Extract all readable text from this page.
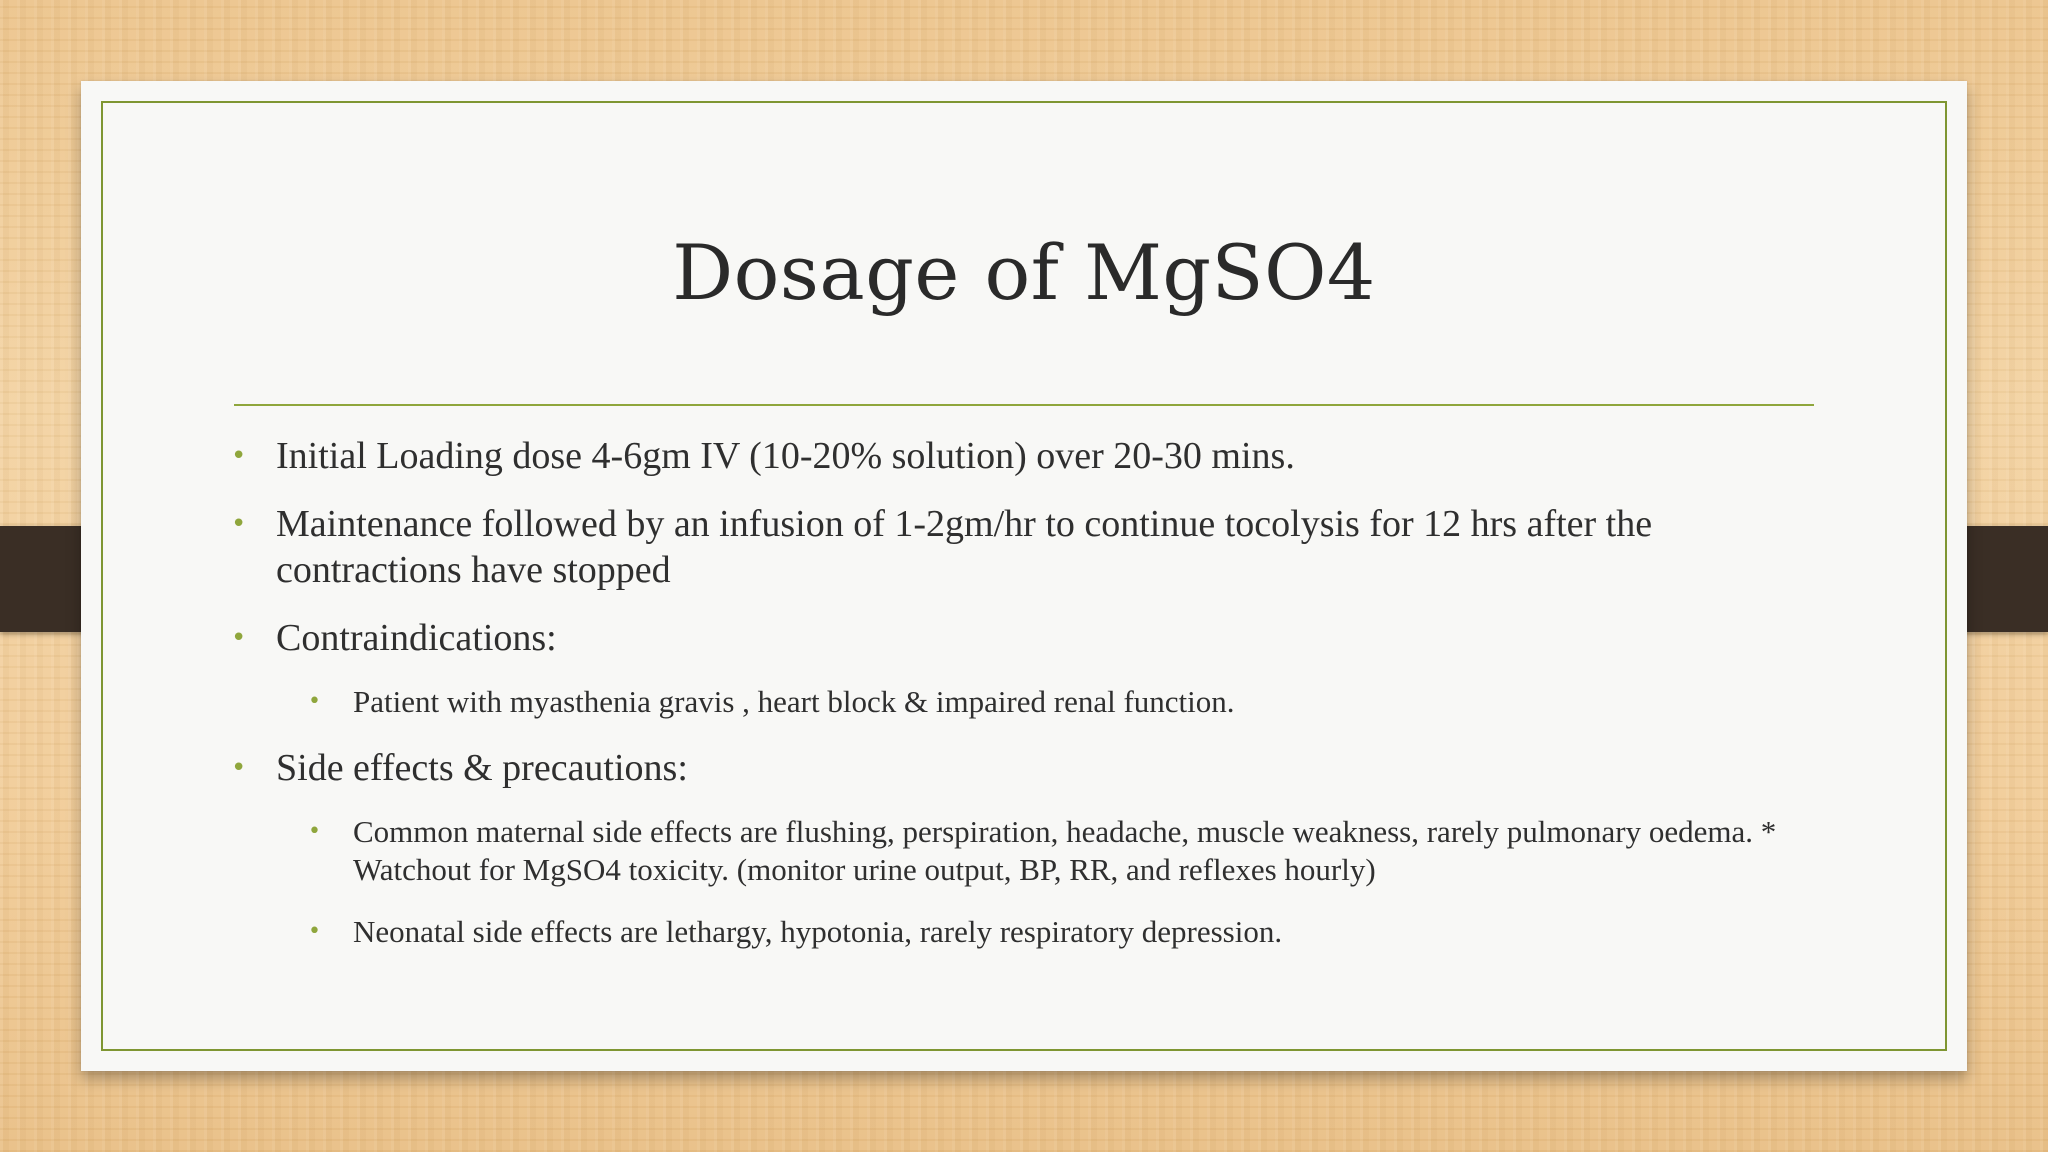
Dosage of MgSO4
• Initial Loading dose 4-6gm IV (10-20% solution) over 20-30 mins.
• Maintenance followed by an infusion of 1-2gm/hr to continue tocolysis for 12 hrs after the contractions have stopped
• Contraindications:
•	Patient with myasthenia gravis , heart block & impaired renal function.
• Side effects & precautions:
•	Common maternal side effects are flushing, perspiration, headache, muscle weakness, rarely pulmonary oedema. * Watchout for MgSO4 toxicity. (monitor urine output, BP, RR, and reflexes hourly)
•	Neonatal side effects are lethargy, hypotonia, rarely respiratory depression.
